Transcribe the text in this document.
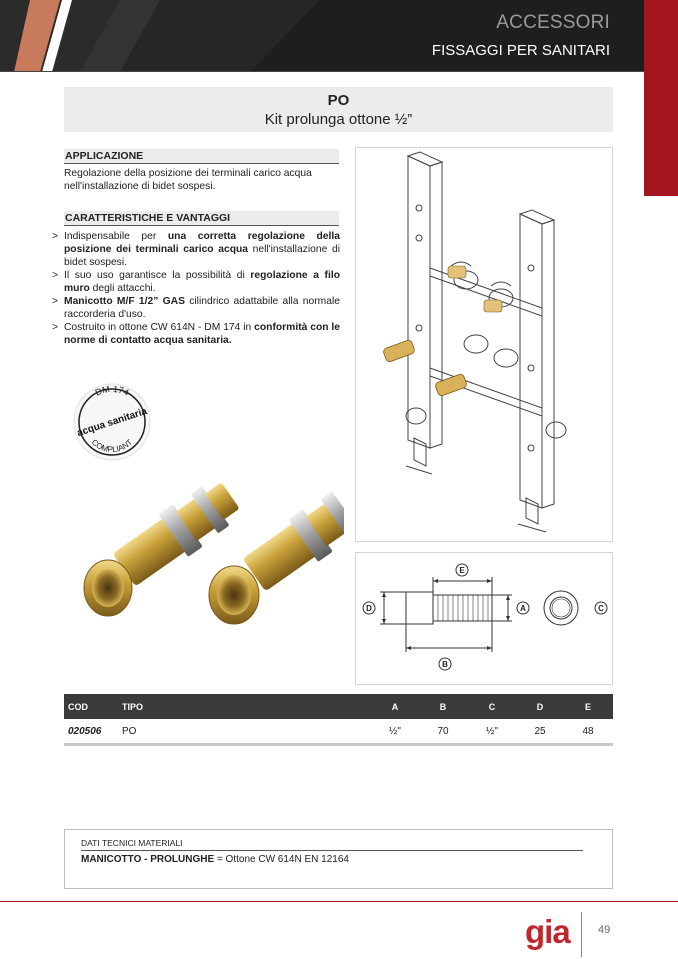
ACCESSORI
FISSAGGI PER SANITARI
PO
Kit prolunga ottone ½”
APPLICAZIONE
Regolazione della posizione dei terminali carico acqua nell'installazione di bidet sospesi.
CARATTERISTICHE E VANTAGGI
> Indispensabile per una corretta regolazione della posizione dei terminali carico acqua nell'installazione di bidet sospesi.
> Il suo uso garantisce la possibilità di regolazione a filo muro degli attacchi.
> Manicotto M/F 1/2” GAS cilindrico adattabile alla normale raccorderia d'uso.
> Costruito in ottone CW 614N - DM 174 in conformità con le norme di contatto acqua sanitaria.
DM 174
acqua sanitaria
COMPLIANT
E
B
D	A	C
COD	TIPO	A	B	C	D	E
020506 PO	½"	70	½"	25	48
DATI TECNICI MATERIALI
MANICOTTO - PROLUNGHE = Ottone CW 614N EN 12164
gia	49
